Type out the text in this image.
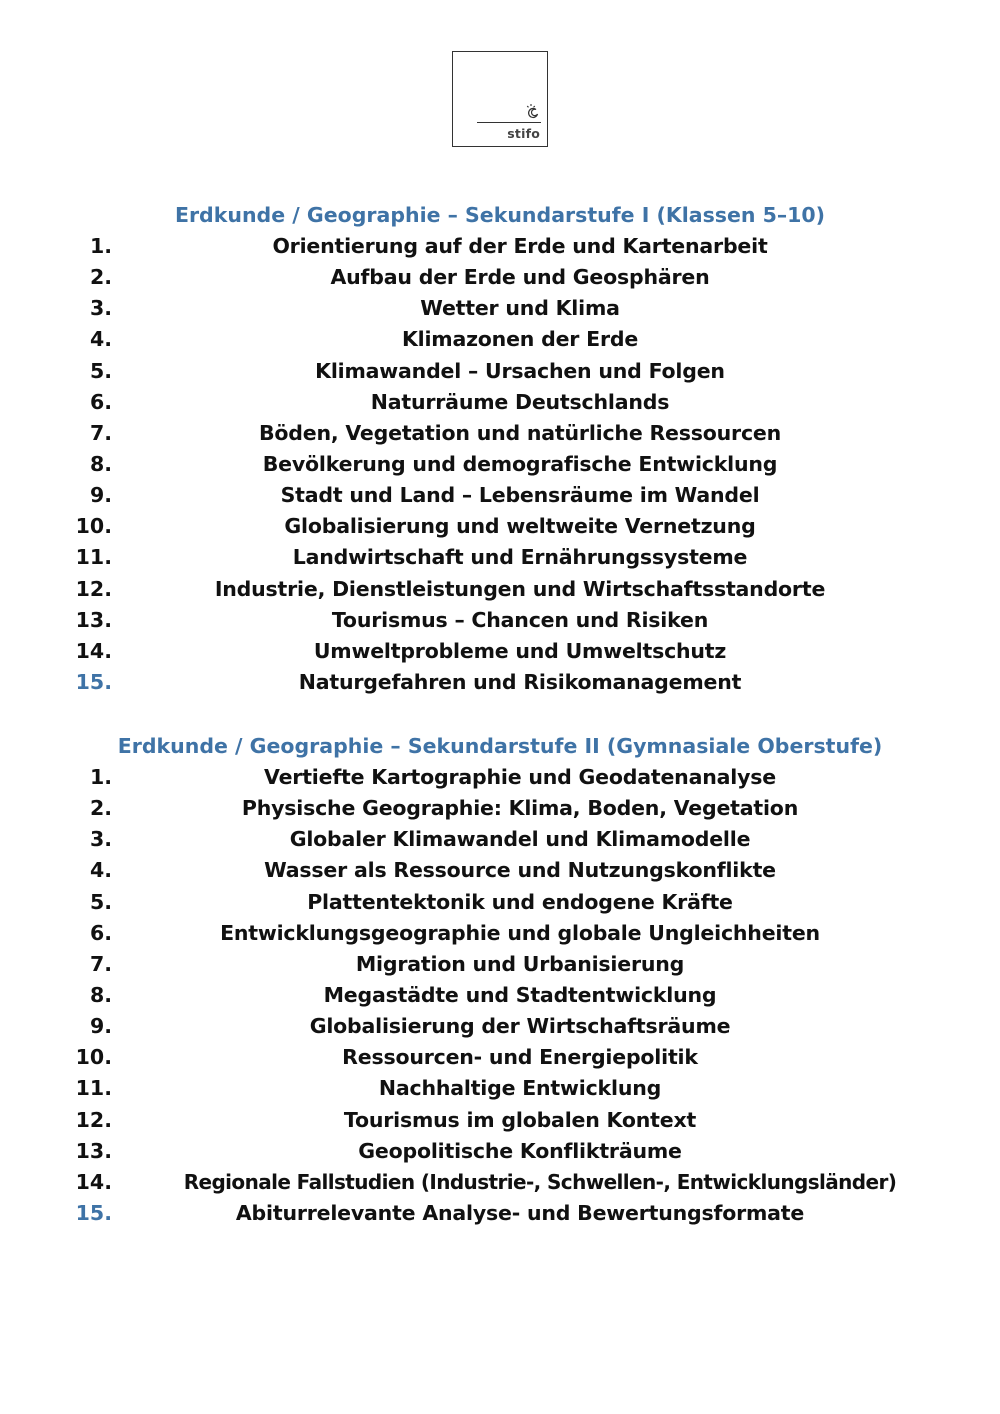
stifo
Erdkunde / Geographie – Sekundarstufe I (Klassen 5–10)
1.	Orientierung auf der Erde und Kartenarbeit
2.	Aufbau der Erde und Geosphären
3.	Wetter und Klima
4.	Klimazonen der Erde
5.	Klimawandel – Ursachen und Folgen
6.	Naturräume Deutschlands
7.	Böden, Vegetation und natürliche Ressourcen
8.	Bevölkerung und demografische Entwicklung
9.	Stadt und Land – Lebensräume im Wandel
10.	Globalisierung und weltweite Vernetzung
11.	Landwirtschaft und Ernährungssysteme
12.	Industrie, Dienstleistungen und Wirtschaftsstandorte
13.	Tourismus – Chancen und Risiken
14.	Umweltprobleme und Umweltschutz
15.	Naturgefahren und Risikomanagement
Erdkunde / Geographie – Sekundarstufe II (Gymnasiale Oberstufe)
1.	Vertiefte Kartographie und Geodatenanalyse
2.	Physische Geographie: Klima, Boden, Vegetation
3.	Globaler Klimawandel und Klimamodelle
4.	Wasser als Ressource und Nutzungskonflikte
5.	Plattentektonik und endogene Kräfte
6.	Entwicklungsgeographie und globale Ungleichheiten
7.	Migration und Urbanisierung
8.	Megastädte und Stadtentwicklung
9.	Globalisierung der Wirtschaftsräume
10.	Ressourcen- und Energiepolitik
11.	Nachhaltige Entwicklung
12.	Tourismus im globalen Kontext
13.	Geopolitische Konflikträume
14.	Regionale Fallstudien (Industrie-, Schwellen-, Entwicklungsländer)
15.	Abiturrelevante Analyse- und Bewertungsformate
